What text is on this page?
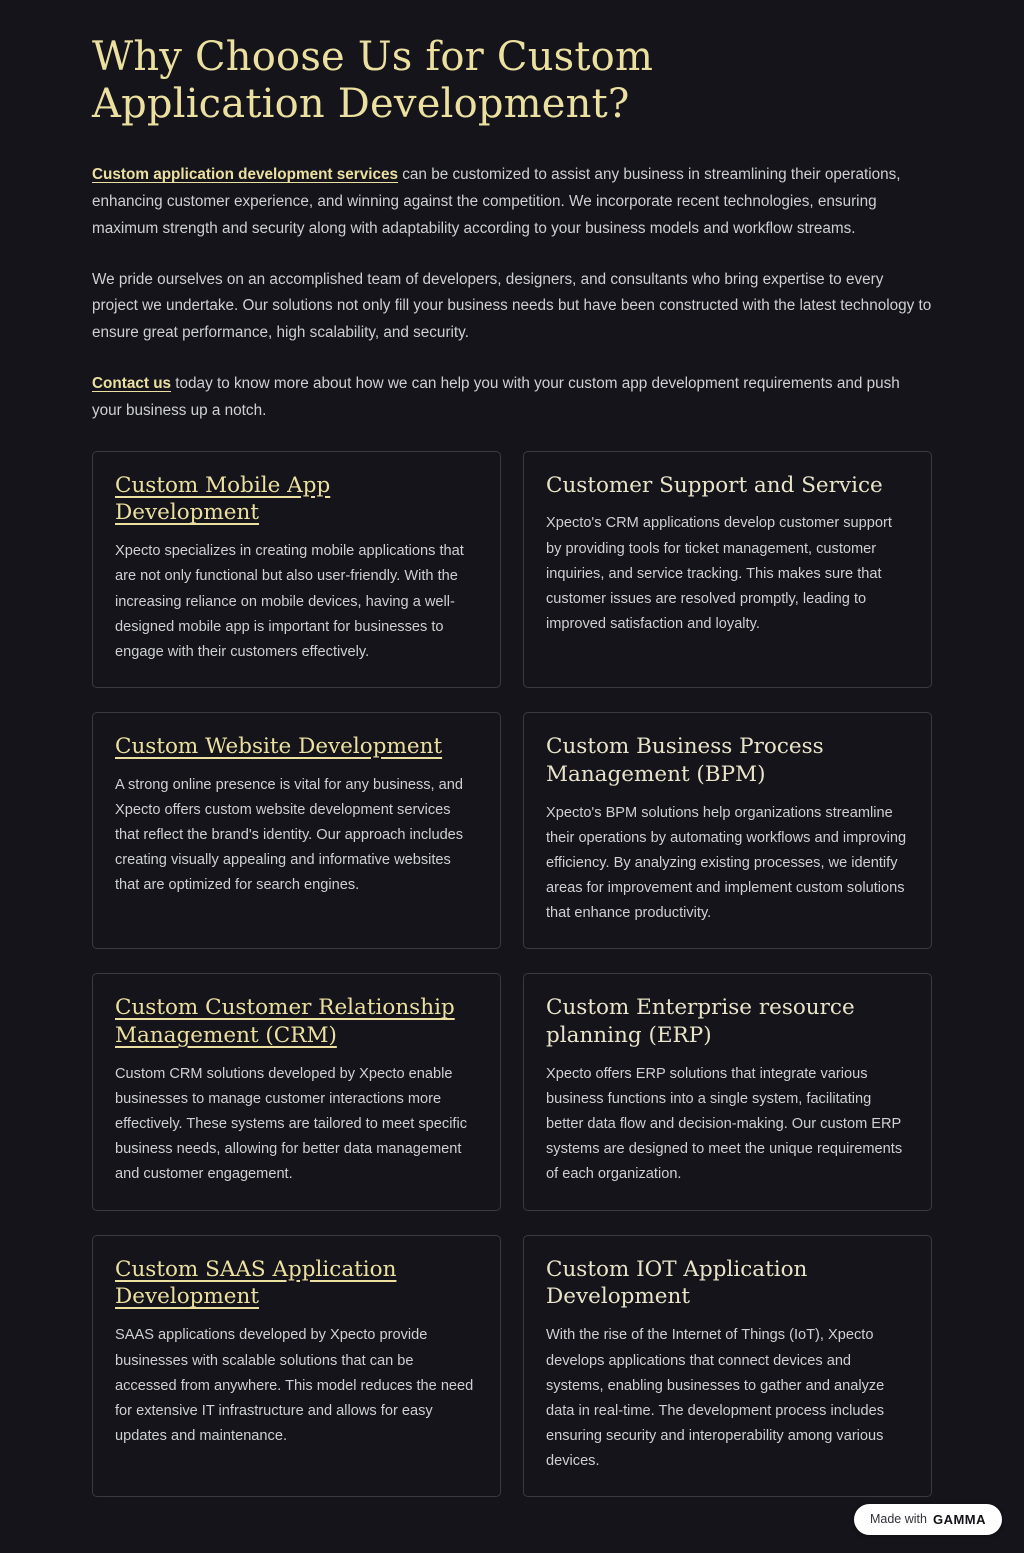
Why Choose Us for Custom Application Development?

Custom application development services can be customized to assist any business in streamlining their operations, enhancing customer experience, and winning against the competition. We incorporate recent technologies, ensuring maximum strength and security along with adaptability according to your business models and workflow streams.

We pride ourselves on an accomplished team of developers, designers, and consultants who bring expertise to every project we undertake. Our solutions not only fill your business needs but have been constructed with the latest technology to ensure great performance, high scalability, and security.

Contact us today to know more about how we can help you with your custom app development requirements and push your business up a notch.

Custom Mobile App Development

Xpecto specializes in creating mobile applications that are not only functional but also user-friendly. With the increasing reliance on mobile devices, having a well-designed mobile app is important for businesses to engage with their customers effectively.

Customer Support and Service

Xpecto's CRM applications develop customer support by providing tools for ticket management, customer inquiries, and service tracking. This makes sure that customer issues are resolved promptly, leading to improved satisfaction and loyalty.

Custom Website Development

A strong online presence is vital for any business, and Xpecto offers custom website development services that reflect the brand's identity. Our approach includes creating visually appealing and informative websites that are optimized for search engines.

Custom Business Process Management (BPM)

Xpecto's BPM solutions help organizations streamline their operations by automating workflows and improving efficiency. By analyzing existing processes, we identify areas for improvement and implement custom solutions that enhance productivity.

Custom Customer Relationship Management (CRM)

Custom CRM solutions developed by Xpecto enable businesses to manage customer interactions more effectively. These systems are tailored to meet specific business needs, allowing for better data management and customer engagement.

Custom Enterprise resource planning (ERP)

Xpecto offers ERP solutions that integrate various business functions into a single system, facilitating better data flow and decision-making. Our custom ERP systems are designed to meet the unique requirements of each organization.

Custom SAAS Application Development

SAAS applications developed by Xpecto provide businesses with scalable solutions that can be accessed from anywhere. This model reduces the need for extensive IT infrastructure and allows for easy updates and maintenance.

Custom IOT Application Development

With the rise of the Internet of Things (IoT), Xpecto develops applications that connect devices and systems, enabling businesses to gather and analyze data in real-time. The development process includes ensuring security and interoperability among various devices.

Made with GAMMA
